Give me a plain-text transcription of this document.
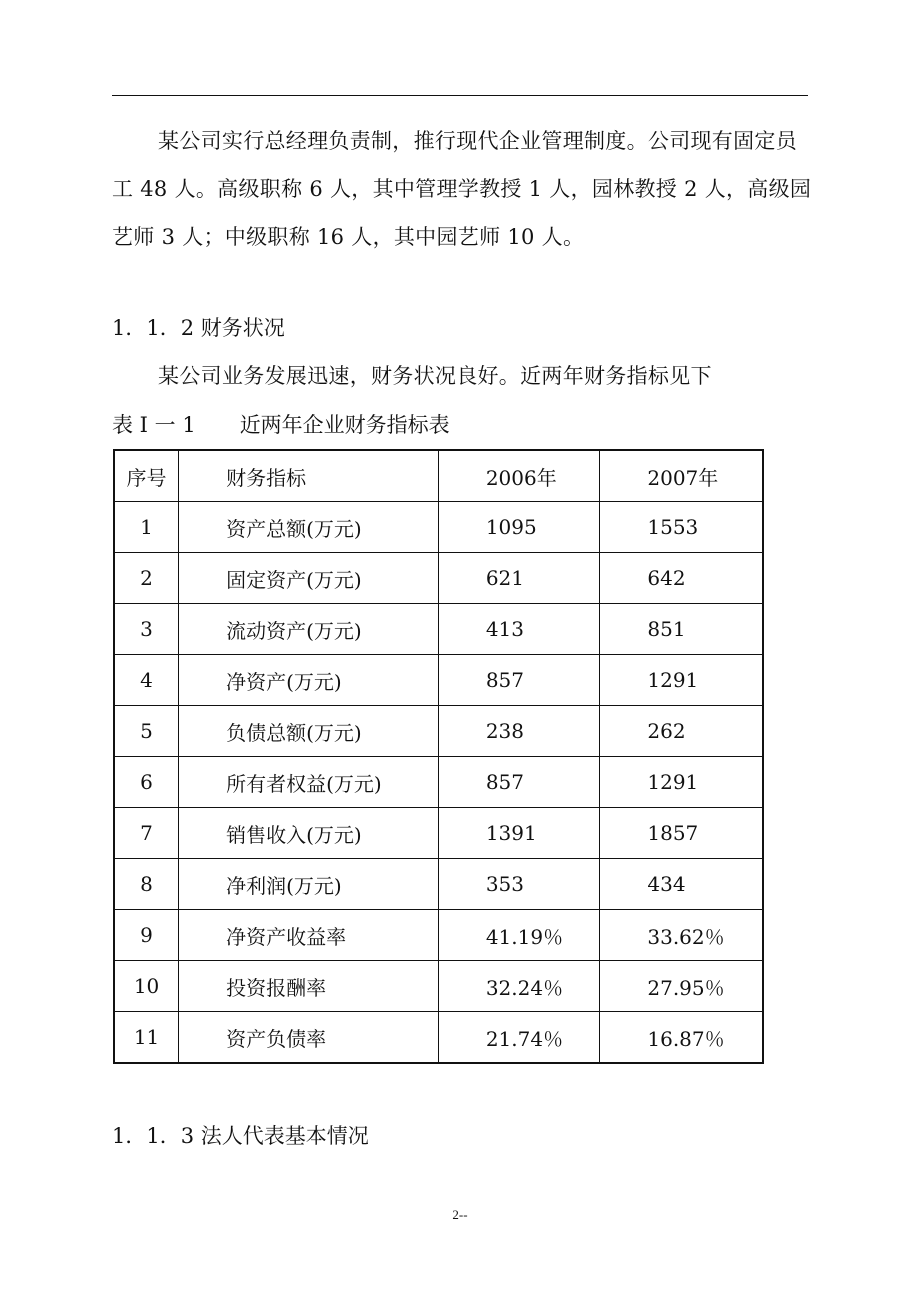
某公司实行总经理负责制，推行现代企业管理制度。公司现有固定员工 48 人。高级职称 6 人，其中管理学教授 1 人，园林教授 2 人，高级园艺师 3 人；中级职称 16 人，其中园艺师 10 人。

1．1．2 财务状况

某公司业务发展迅速，财务状况良好。近两年财务指标见下

表 I 一 1 近两年企业财务指标表
序号	财务指标	2006年	2007年
1	资产总额(万元)	1095	1553
2	固定资产(万元)	621	642
3	流动资产(万元)	413	851
4	净资产(万元)	857	1291
5	负债总额(万元)	238	262
6	所有者权益(万元)	857	1291
7	销售收入(万元)	1391	1857
8	净利润(万元)	353	434
9	净资产收益率	41.19％	33.62％
10	投资报酬率	32.24％	27.95％
11	资产负债率	21.74％	16.87％

1．1．3 法人代表基本情况

2--
